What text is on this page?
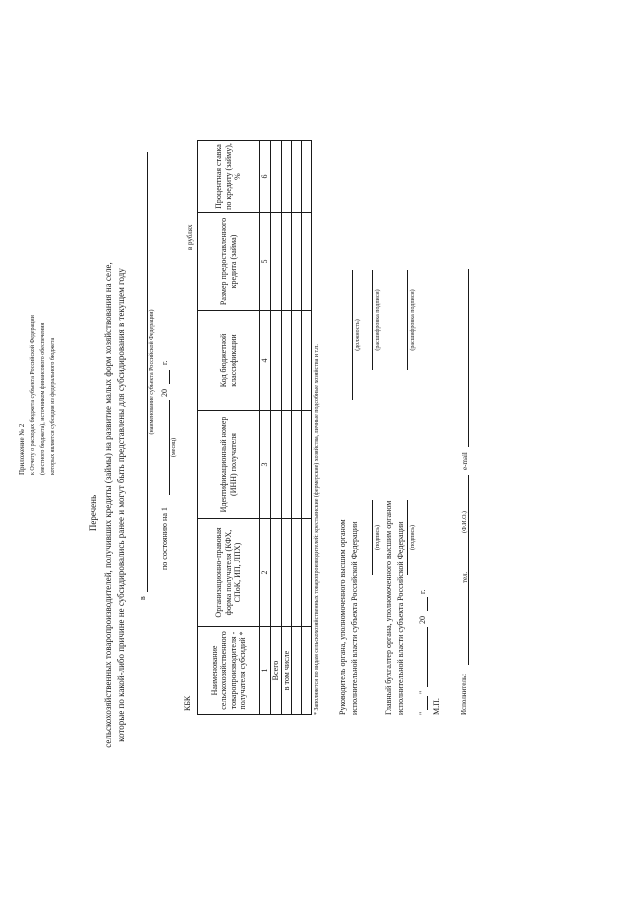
Приложение № 2 к Отчету о расходах бюджета субъекта Российской Федерации (местного бюджета), источником финансового обеспечения которых является субсидия из федерального бюджета
Перечень сельскохозяйственных товаропроизводителей, получивших кредиты (займы) на развитие малых форм хозяйствования на селе, которые по какой-либо причине не субсидировались ранее и могут быть представлены для субсидирования в текущем году в
(наименование субъекта Российской Федерации)
по состоянию на 1
(месяц)
20
г.
КБК
в рублях
Наименование сельскохозяйственного товаропроизводителя - получателя субсидий *	Организационно-правовая форма получателя (КФХ, СПоК, ИП, ЛПХ)	Идентификационный номер (ИНН) получателя	Код бюджетной классификации	Размер предоставленного кредита (займа)	Процентная ставка по кредиту (займу), %
1	2	3	4	5	6
Всего					
в том числе					

						* Заполняется по видам сельскохозяйственных товаропроизводителей: крестьянские (фермерские) хозяйства, личные подсобные хозяйства и т.п. Руководитель органа, уполномоченного высшим органом исполнительной власти субъекта Российской Федерации
(должность)
(подпись)
(расшифровка подписи)
Главный бухгалтер органа, уполномоченного высшим органом исполнительной власти субъекта Российской Федерации (подпись)
(расшифровка подписи)
"
"
20
г.
М.П.	Исполнитель:
(Ф.И.О.)
тел.
e-mail
